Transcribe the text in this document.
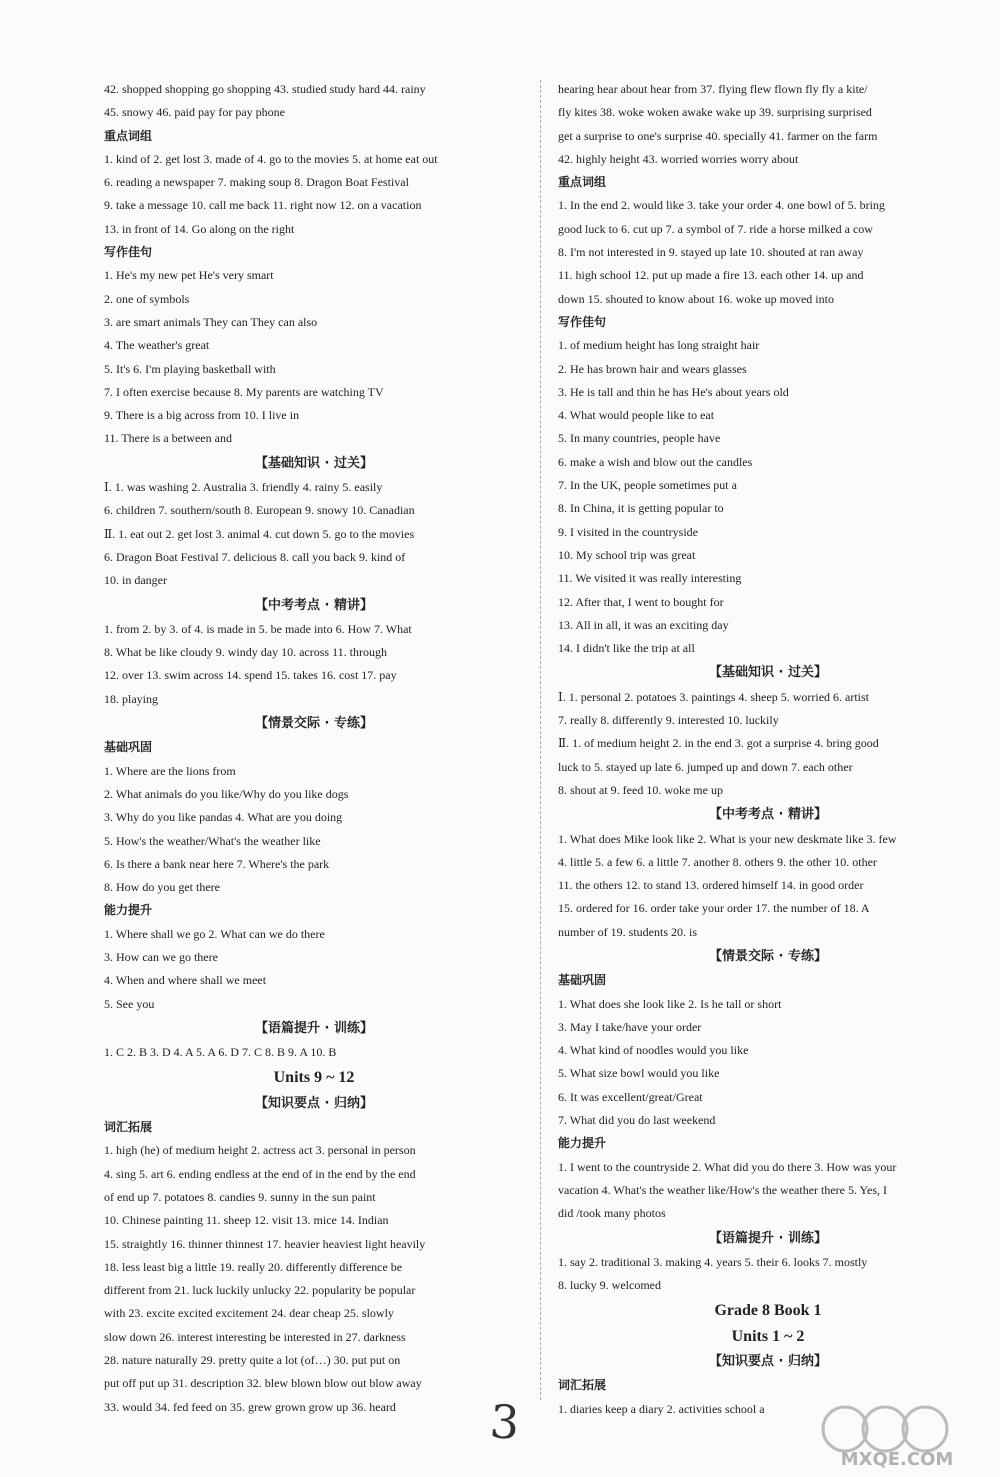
42. shopped shopping go shopping 43. studied study hard 44. rainy
45. snowy 46. paid pay for pay phone
重点词组
1. kind of 2. get lost 3. made of 4. go to the movies 5. at home eat out
6. reading a newspaper 7. making soup 8. Dragon Boat Festival
9. take a message 10. call me back 11. right now 12. on a vacation
13. in front of 14. Go along on the right
写作佳句
1. He's my new pet He's very smart
2. one of symbols
3. are smart animals They can They can also
4. The weather's great
5. It's 6. I'm playing basketball with
7. I often exercise because 8. My parents are watching TV
9. There is a big across from 10. I live in
11. There is a between and
【基础知识 · 过关】
Ⅰ. 1. was washing 2. Australia 3. friendly 4. rainy 5. easily
6. children 7. southern/south 8. European 9. snowy 10. Canadian
Ⅱ. 1. eat out 2. get lost 3. animal 4. cut down 5. go to the movies
6. Dragon Boat Festival 7. delicious 8. call you back 9. kind of
10. in danger
【中考考点 · 精讲】
1. from 2. by 3. of 4. is made in 5. be made into 6. How 7. What
8. What be like cloudy 9. windy day 10. across 11. through
12. over 13. swim across 14. spend 15. takes 16. cost 17. pay
18. playing
【情景交际 · 专练】
基础巩固
1. Where are the lions from
2. What animals do you like/Why do you like dogs
3. Why do you like pandas 4. What are you doing
5. How's the weather/What's the weather like
6. Is there a bank near here 7. Where's the park
8. How do you get there
能力提升
1. Where shall we go 2. What can we do there
3. How can we go there
4. When and where shall we meet
5. See you
【语篇提升 · 训练】
1. C 2. B 3. D 4. A 5. A 6. D 7. C 8. B 9. A 10. B
Units 9 ~ 12
【知识要点 · 归纳】
词汇拓展
1. high (he) of medium height 2. actress act 3. personal in person
4. sing 5. art 6. ending endless at the end of in the end by the end
of end up 7. potatoes 8. candies 9. sunny in the sun paint
10. Chinese painting 11. sheep 12. visit 13. mice 14. Indian
15. straightly 16. thinner thinnest 17. heavier heaviest light heavily
18. less least big a little 19. really 20. differently difference be
different from 21. luck luckily unlucky 22. popularity be popular
with 23. excite excited excitement 24. dear cheap 25. slowly
slow down 26. interest interesting be interested in 27. darkness
28. nature naturally 29. pretty quite a lot (of…) 30. put put on
put off put up 31. description 32. blew blown blow out blow away
33. would 34. fed feed on 35. grew grown grow up 36. heard
hearing hear about hear from 37. flying flew flown fly fly a kite/
fly kites 38. woke woken awake wake up 39. surprising surprised
get a surprise to one's surprise 40. specially 41. farmer on the farm
42. highly height 43. worried worries worry about
重点词组
1. In the end 2. would like 3. take your order 4. one bowl of 5. bring
good luck to 6. cut up 7. a symbol of 7. ride a horse milked a cow
8. I'm not interested in 9. stayed up late 10. shouted at ran away
11. high school 12. put up made a fire 13. each other 14. up and
down 15. shouted to know about 16. woke up moved into
写作佳句
1. of medium height has long straight hair
2. He has brown hair and wears glasses
3. He is tall and thin he has He's about years old
4. What would people like to eat
5. In many countries, people have
6. make a wish and blow out the candles
7. In the UK, people sometimes put a
8. In China, it is getting popular to
9. I visited in the countryside
10. My school trip was great
11. We visited it was really interesting
12. After that, I went to bought for
13. All in all, it was an exciting day
14. I didn't like the trip at all
【基础知识 · 过关】
Ⅰ. 1. personal 2. potatoes 3. paintings 4. sheep 5. worried 6. artist
7. really 8. differently 9. interested 10. luckily
Ⅱ. 1. of medium height 2. in the end 3. got a surprise 4. bring good
luck to 5. stayed up late 6. jumped up and down 7. each other
8. shout at 9. feed 10. woke me up
【中考考点 · 精讲】
1. What does Mike look like 2. What is your new deskmate like 3. few
4. little 5. a few 6. a little 7. another 8. others 9. the other 10. other
11. the others 12. to stand 13. ordered himself 14. in good order
15. ordered for 16. order take your order 17. the number of 18. A
number of 19. students 20. is
【情景交际 · 专练】
基础巩固
1. What does she look like 2. Is he tall or short
3. May I take/have your order
4. What kind of noodles would you like
5. What size bowl would you like
6. It was excellent/great/Great
7. What did you do last weekend
能力提升
1. I went to the countryside 2. What did you do there 3. How was your
vacation 4. What's the weather like/How's the weather there 5. Yes, I
did /took many photos
【语篇提升 · 训练】
1. say 2. traditional 3. making 4. years 5. their 6. looks 7. mostly
8. lucky 9. welcomed
Grade 8 Book 1
Units 1 ~ 2
【知识要点 · 归纳】
词汇拓展
1. diaries keep a diary 2. activities school a
3
MXQE.COM
